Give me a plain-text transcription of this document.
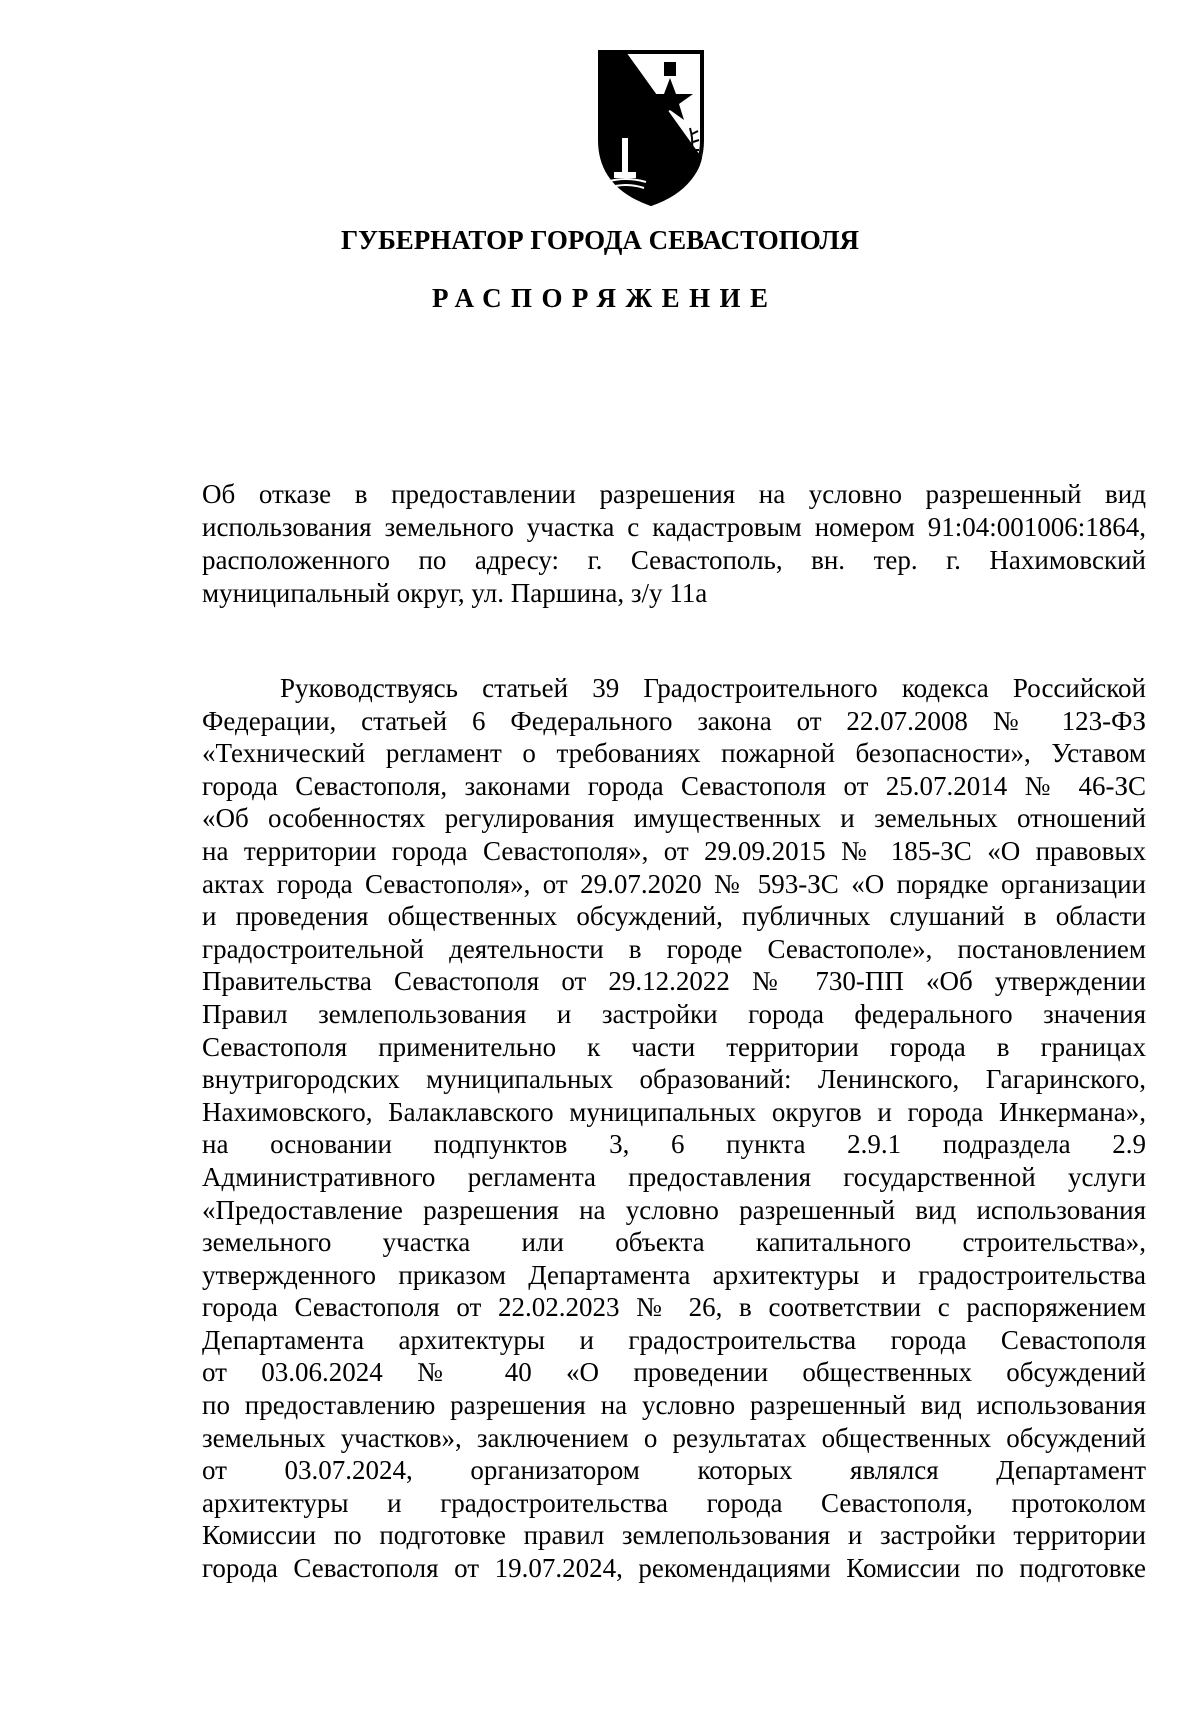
ГУБЕРНАТОР ГОРОДА СЕВАСТОПОЛЯ
РАСПОРЯЖЕНИЕ
Об отказе в предоставлении разрешения на условно разрешенный вид
использования земельного участка с кадастровым номером 91:04:001006:1864,
расположенного по адресу: г. Севастополь, вн. тер. г. Нахимовский
муниципальный округ, ул. Паршина, з/у 11а
Руководствуясь статьей 39 Градостроительного кодекса Российской
Федерации, статьей 6 Федерального закона от 22.07.2008 № 123-ФЗ
«Технический регламент о требованиях пожарной безопасности», Уставом
города Севастополя, законами города Севастополя от 25.07.2014 № 46-ЗС
«Об особенностях регулирования имущественных и земельных отношений
на территории города Севастополя», от 29.09.2015 № 185-ЗС «О правовых
актах города Севастополя», от 29.07.2020 № 593-ЗС «О порядке организации
и проведения общественных обсуждений, публичных слушаний в области
градостроительной деятельности в городе Севастополе», постановлением
Правительства Севастополя от 29.12.2022 № 730-ПП «Об утверждении
Правил землепользования и застройки города федерального значения
Севастополя применительно к части территории города в границах
внутригородских муниципальных образований: Ленинского, Гагаринского,
Нахимовского, Балаклавского муниципальных округов и города Инкермана»,
на основании подпунктов 3, 6 пункта 2.9.1 подраздела 2.9
Административного регламента предоставления государственной услуги
«Предоставление разрешения на условно разрешенный вид использования
земельного участка или объекта капитального строительства»,
утвержденного приказом Департамента архитектуры и градостроительства
города Севастополя от 22.02.2023 № 26, в соответствии с распоряжением
Департамента архитектуры и градостроительства города Севастополя
от 03.06.2024 № 40 «О проведении общественных обсуждений
по предоставлению разрешения на условно разрешенный вид использования
земельных участков», заключением о результатах общественных обсуждений
от 03.07.2024, организатором которых являлся Департамент
архитектуры и градостроительства города Севастополя, протоколом
Комиссии по подготовке правил землепользования и застройки территории
города Севастополя от 19.07.2024, рекомендациями Комиссии по подготовке
